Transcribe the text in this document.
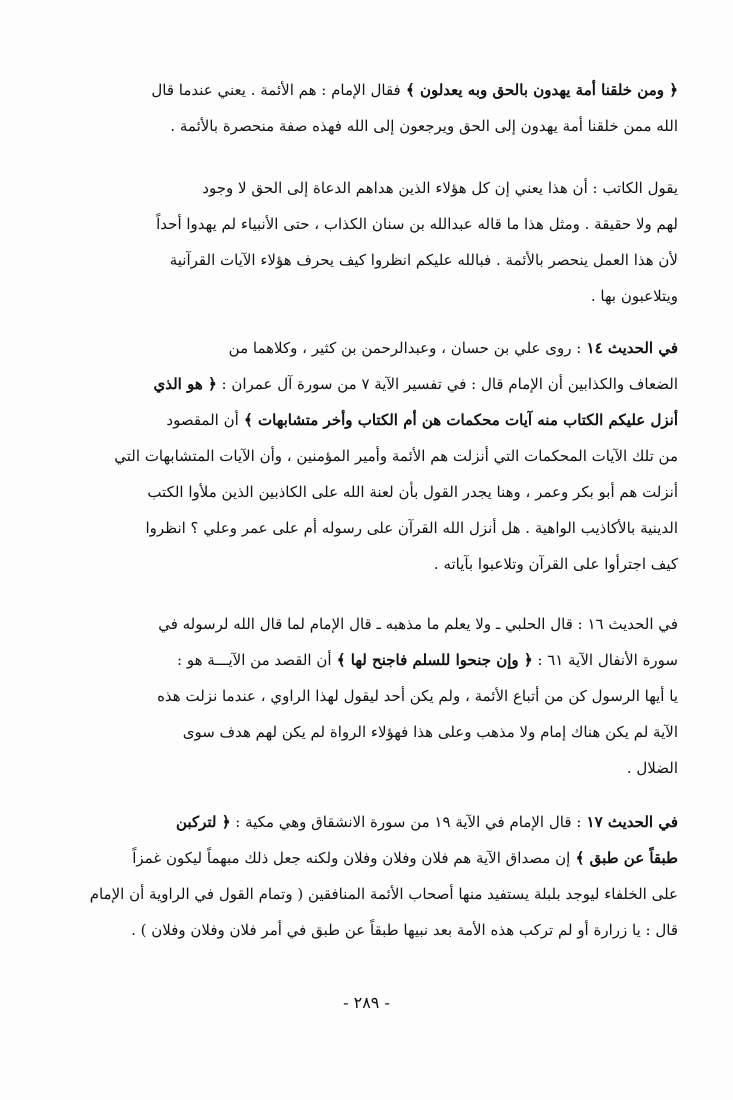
﴿ ومن خلقنا أمة يهدون بالحق وبه يعدلون ﴾ فقال الإمام : هم الأئمة . يعني عندما قال
الله ممن خلقنا أمة يهدون إلى الحق ويرجعون إلى الله فهذه صفة منحصرة بالأئمة .
يقول الكاتب : أن هذا يعني إن كل هؤلاء الذين هداهم الدعاة إلى الحق لا وجود
لهم ولا حقيقة . ومثل هذا ما قاله عبدالله بن سنان الكذاب ، حتى الأنبياء لم يهدوا أحداً
لأن هذا العمل ينحصر بالأئمة . فبالله عليكم انظروا كيف يحرف هؤلاء الآيات القرآنية
ويتلاعبون بها .
في الحديث ١٤ : روى علي بن حسان ، وعبدالرحمن بن كثير ، وكلاهما من
الضعاف والكذابين أن الإمام قال : في تفسير الآية ٧ من سورة آل عمران : ﴿ هو الذي
أنزل عليكم الكتاب منه آيات محكمات هن أم الكتاب وأخر متشابهات ﴾ أن المقصود
من تلك الآيات المحكمات التي أنزلت هم الأئمة وأمير المؤمنين ، وأن الآيات المتشابهات التي
أنزلت هم أبو بكر وعمر ، وهنا يجدر القول بأن لعنة الله على الكاذبين الذين ملأوا الكتب
الدينية بالأكاذيب الواهية . هل أنزل الله القرآن على رسوله أم على عمر وعلي ؟ انظروا
كيف اجترأوا على القرآن وتلاعبوا بآياته .
في الحديث ١٦ : قال الحلبي ـ ولا يعلم ما مذهبه ـ قال الإمام لما قال الله لرسوله في
سورة الأنفال الآية ٦١ : ﴿ وإن جنحوا للسلم فاجنح لها ﴾ أن القصد من الآيـــة هو :
يا أيها الرسول كن من أتباع الأئمة ، ولم يكن أحد ليقول لهذا الراوي ، عندما نزلت هذه
الآية لم يكن هناك إمام ولا مذهب وعلى هذا فهؤلاء الرواة لم يكن لهم هدف سوى
الضلال .
في الحديث ١٧ : قال الإمام في الآية ١٩ من سورة الانشقاق وهي مكية : ﴿ لتركبن
طبقاً عن طبق ﴾ إن مصداق الآية هم فلان وفلان وفلان ولكنه جعل ذلك مبهماً ليكون غمزاً
على الخلفاء ليوجد بلبلة يستفيد منها أصحاب الأئمة المنافقين ( وتمام القول في الراوية أن الإمام
قال : يا زرارة أو لم تركب هذه الأمة بعد نبيها طبقاً عن طبق في أمر فلان وفلان وفلان ) .
- ٢٨٩ -
